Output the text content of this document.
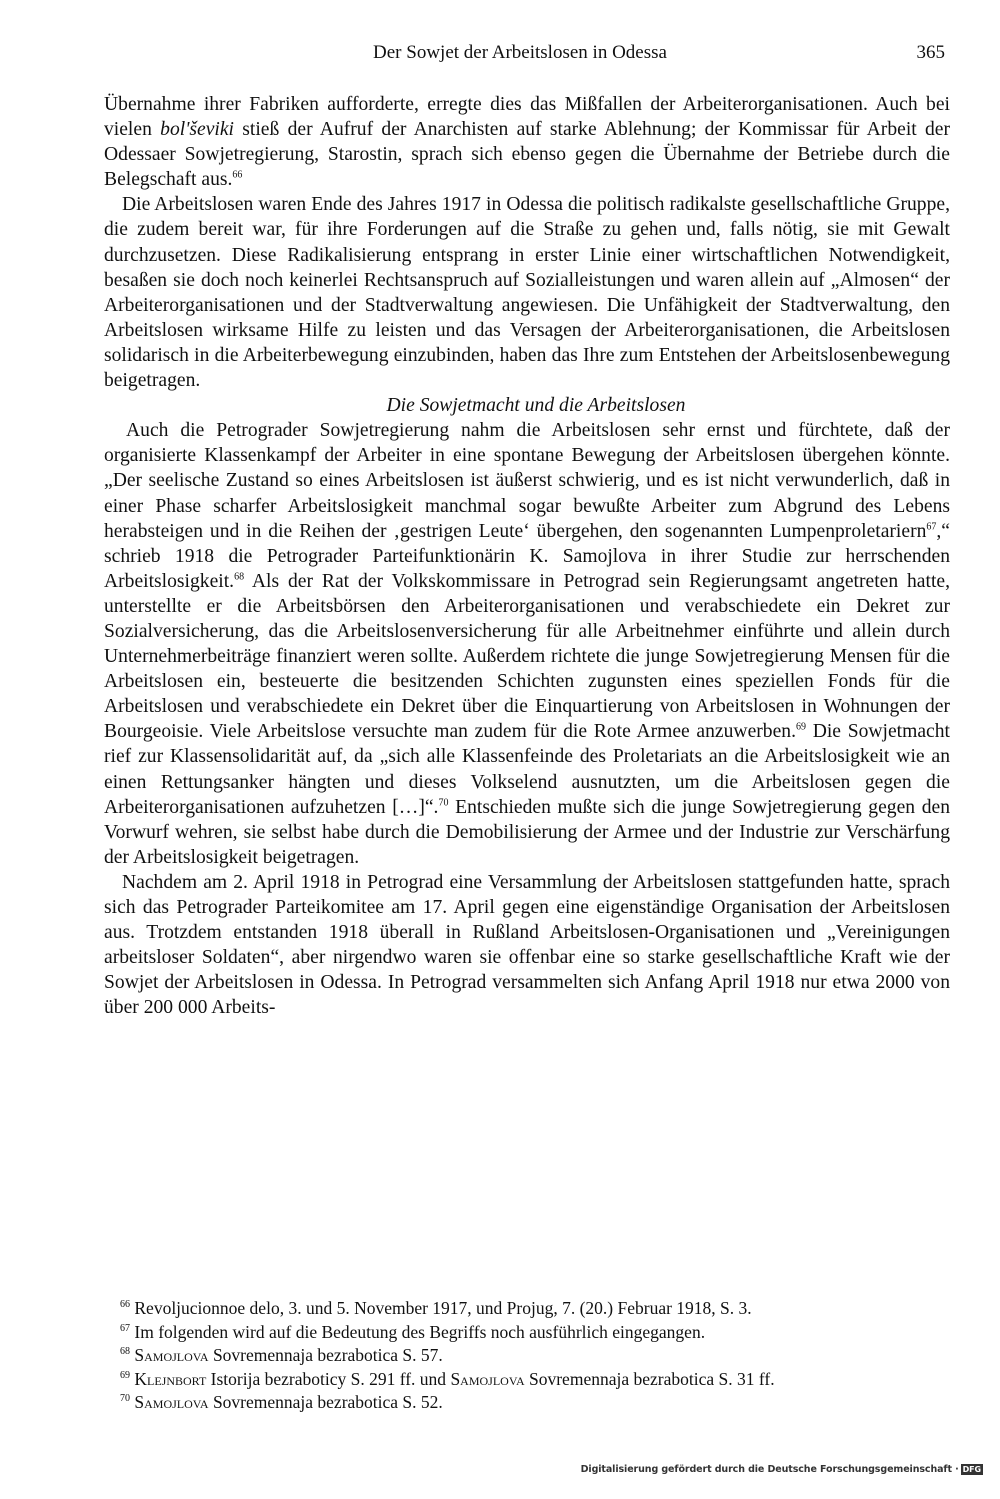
Der Sowjet der Arbeitslosen in Odessa	365

Übernahme ihrer Fabriken aufforderte, erregte dies das Mißfallen der Arbeiterorganisationen. Auch bei vielen bol'ševiki stieß der Aufruf der Anarchisten auf starke Ablehnung; der Kommissar für Arbeit der Odessaer Sowjetregierung, Starostin, sprach sich ebenso gegen die Übernahme der Betriebe durch die Belegschaft aus.$^{66}$

Die Arbeitslosen waren Ende des Jahres 1917 in Odessa die politisch radikalste gesellschaftliche Gruppe, die zudem bereit war, für ihre Forderungen auf die Straße zu gehen und, falls nötig, sie mit Gewalt durchzusetzen. Diese Radikalisierung entsprang in erster Linie einer wirtschaftlichen Notwendigkeit, besaßen sie doch noch keinerlei Rechtsanspruch auf Sozialleistungen und waren allein auf „Almosen“ der Arbeiterorganisationen und der Stadtverwaltung angewiesen. Die Unfähigkeit der Stadtverwaltung, den Arbeitslosen wirksame Hilfe zu leisten und das Versagen der Arbeiterorganisationen, die Arbeitslosen solidarisch in die Arbeiterbewegung einzubinden, haben das Ihre zum Entstehen der Arbeitslosenbewegung beigetragen.

Die Sowjetmacht und die Arbeitslosen

Auch die Petrograder Sowjetregierung nahm die Arbeitslosen sehr ernst und fürchtete, daß der organisierte Klassenkampf der Arbeiter in eine spontane Bewegung der Arbeitslosen übergehen könnte. „Der seelische Zustand so eines Arbeitslosen ist äußerst schwierig, und es ist nicht verwunderlich, daß in einer Phase scharfer Arbeitslosigkeit manchmal sogar bewußte Arbeiter zum Abgrund des Lebens herabsteigen und in die Reihen der ‚gestrigen Leute‘ übergehen, den sogenannten Lumpenproletariern$^{67}$,“ schrieb 1918 die Petrograder Parteifunktionärin K. Samojlova in ihrer Studie zur herrschenden Arbeitslosigkeit.$^{68}$ Als der Rat der Volkskommissare in Petrograd sein Regierungsamt angetreten hatte, unterstellte er die Arbeitsbörsen den Arbeiterorganisationen und verabschiedete ein Dekret zur Sozialversicherung, das die Arbeitslosenversicherung für alle Arbeitnehmer einführte und allein durch Unternehmerbeiträge finanziert weren sollte. Außerdem richtete die junge Sowjetregierung Mensen für die Arbeitslosen ein, besteuerte die besitzenden Schichten zugunsten eines speziellen Fonds für die Arbeitslosen und verabschiedete ein Dekret über die Einquartierung von Arbeitslosen in Wohnungen der Bourgeoisie. Viele Arbeitslose versuchte man zudem für die Rote Armee anzuwerben.$^{69}$ Die Sowjetmacht rief zur Klassensolidarität auf, da „sich alle Klassenfeinde des Proletariats an die Arbeitslosigkeit wie an einen Rettungsanker hängten und dieses Volkselend ausnutzten, um die Arbeitslosen gegen die Arbeiterorganisationen aufzuhetzen […]“.$^{70}$ Entschieden mußte sich die junge Sowjetregierung gegen den Vorwurf wehren, sie selbst habe durch die Demobilisierung der Armee und der Industrie zur Verschärfung der Arbeitslosigkeit beigetragen.

Nachdem am 2. April 1918 in Petrograd eine Versammlung der Arbeitslosen stattgefunden hatte, sprach sich das Petrograder Parteikomitee am 17. April gegen eine eigenständige Organisation der Arbeitslosen aus. Trotzdem entstanden 1918 überall in Rußland Arbeitslosen-Organisationen und „Vereinigungen arbeitsloser Soldaten“, aber nirgendwo waren sie offenbar eine so starke gesellschaftliche Kraft wie der Sowjet der Arbeitslosen in Odessa. In Petrograd versammelten sich Anfang April 1918 nur etwa 2000 von über 200 000 Arbeits-

$^{66}$ Revoljucionnoe delo, 3. und 5. November 1917, und Projug, 7. (20.) Februar 1918, S. 3.
$^{67}$ Im folgenden wird auf die Bedeutung des Begriffs noch ausführlich eingegangen.
$^{68}$ Samojlova Sovremennaja bezrabotica S. 57.
$^{69}$ Klejnbort Istorija bezraboticy S. 291 ff. und Samojlova Sovremennaja bezrabotica S. 31 ff.
$^{70}$ Samojlova Sovremennaja bezrabotica S. 52.
Digitalisierung gefördert durch die Deutsche Forschungsgemeinschaft · DFG
